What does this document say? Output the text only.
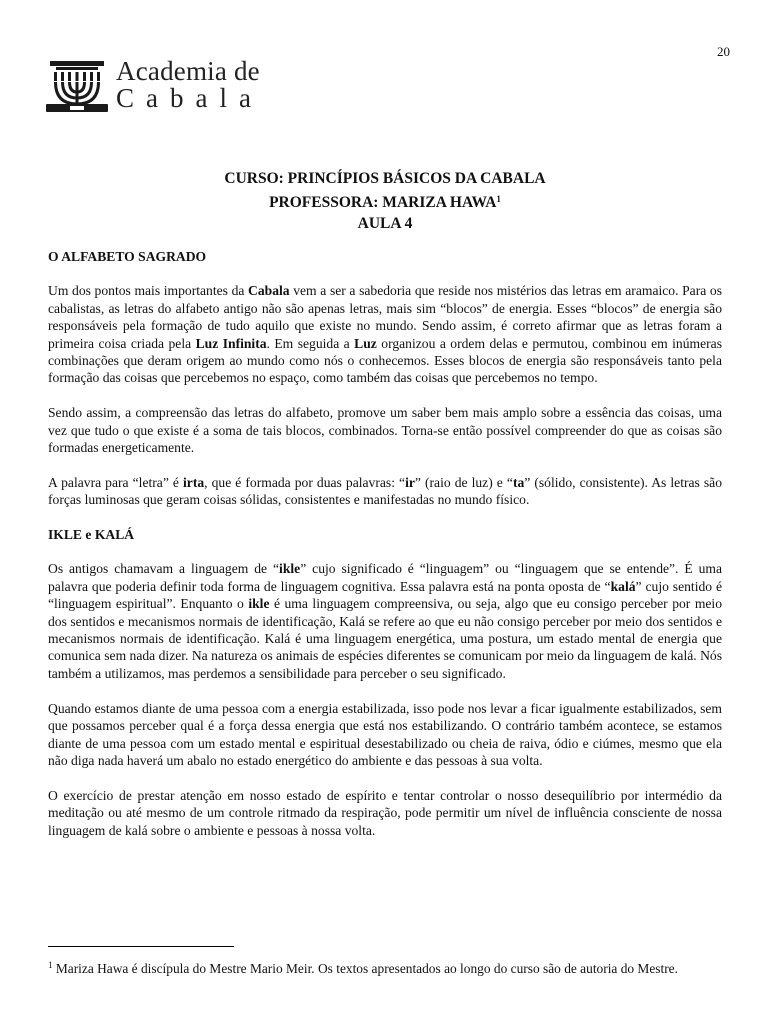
20
Academia de
Cabala
CURSO: PRINCÍPIOS BÁSICOS DA CABALA
PROFESSORA: MARIZA HAWA$^1$
AULA 4
O ALFABETO SAGRADO

Um dos pontos mais importantes da Cabala vem a ser a sabedoria que reside nos mistérios das letras em aramaico. Para os cabalistas, as letras do alfabeto antigo não são apenas letras, mais sim “blocos” de energia. Esses “blocos” de energia são responsáveis pela formação de tudo aquilo que existe no mundo. Sendo assim, é correto afirmar que as letras foram a primeira coisa criada pela Luz Infinita. Em seguida a Luz organizou a ordem delas e permutou, combinou em inúmeras combinações que deram origem ao mundo como nós o conhecemos. Esses blocos de energia são responsáveis tanto pela formação das coisas que percebemos no espaço, como também das coisas que percebemos no tempo.

Sendo assim, a compreensão das letras do alfabeto, promove um saber bem mais amplo sobre a essência das coisas, uma vez que tudo o que existe é a soma de tais blocos, combinados. Torna-se então possível compreender do que as coisas são formadas energeticamente.

A palavra para “letra” é irta, que é formada por duas palavras: “ir” (raio de luz) e “ta” (sólido, consistente). As letras são forças luminosas que geram coisas sólidas, consistentes e manifestadas no mundo físico.

IKLE e KALÁ

Os antigos chamavam a linguagem de “ikle” cujo significado é “linguagem” ou “linguagem que se entende”. É uma palavra que poderia definir toda forma de linguagem cognitiva. Essa palavra está na ponta oposta de “kalá” cujo sentido é “linguagem espiritual”. Enquanto o ikle é uma linguagem compreensiva, ou seja, algo que eu consigo perceber por meio dos sentidos e mecanismos normais de identificação, Kalá se refere ao que eu não consigo perceber por meio dos sentidos e mecanismos normais de identificação. Kalá é uma linguagem energética, uma postura, um estado mental de energia que comunica sem nada dizer. Na natureza os animais de espécies diferentes se comunicam por meio da linguagem de kalá. Nós também a utilizamos, mas perdemos a sensibilidade para perceber o seu significado.

Quando estamos diante de uma pessoa com a energia estabilizada, isso pode nos levar a ficar igualmente estabilizados, sem que possamos perceber qual é a força dessa energia que está nos estabilizando. O contrário também acontece, se estamos diante de uma pessoa com um estado mental e espiritual desestabilizado ou cheia de raiva, ódio e ciúmes, mesmo que ela não diga nada haverá um abalo no estado energético do ambiente e das pessoas à sua volta.

O exercício de prestar atenção em nosso estado de espírito e tentar controlar o nosso desequilíbrio por intermédio da meditação ou até mesmo de um controle ritmado da respiração, pode permitir um nível de influência consciente de nossa linguagem de kalá sobre o ambiente e pessoas à nossa volta.

$^1$ Mariza Hawa é discípula do Mestre Mario Meir. Os textos apresentados ao longo do curso são de autoria do Mestre.
